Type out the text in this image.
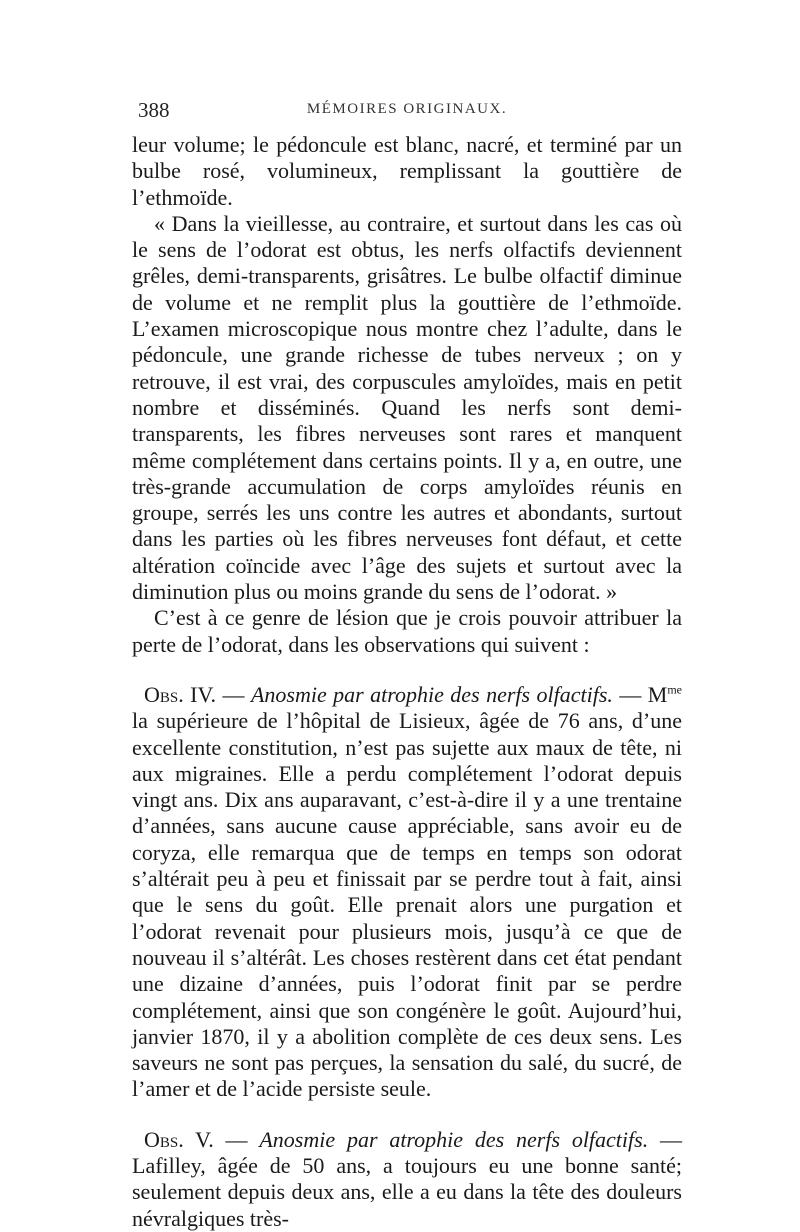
388	MÉMOIRES ORIGINAUX.

leur volume; le pédoncule est blanc, nacré, et terminé par un bulbe rosé, volumineux, remplissant la gouttière de l’ethmoïde.

« Dans la vieillesse, au contraire, et surtout dans les cas où le sens de l’odorat est obtus, les nerfs olfactifs deviennent grêles, demi-transparents, grisâtres. Le bulbe olfactif diminue de volume et ne remplit plus la gouttière de l’ethmoïde. L’examen microscopique nous montre chez l’adulte, dans le pédoncule, une grande richesse de tubes nerveux ; on y retrouve, il est vrai, des corpuscules amyloïdes, mais en petit nombre et disséminés. Quand les nerfs sont demi-transparents, les fibres nerveuses sont rares et manquent même complétement dans certains points. Il y a, en outre, une très-grande accumulation de corps amyloïdes réunis en groupe, serrés les uns contre les autres et abondants, surtout dans les parties où les fibres nerveuses font défaut, et cette altération coïncide avec l’âge des sujets et surtout avec la diminution plus ou moins grande du sens de l’odorat. »

C’est à ce genre de lésion que je crois pouvoir attribuer la perte de l’odorat, dans les observations qui suivent :

Obs. IV. — Anosmie par atrophie des nerfs olfactifs. — $M^{me}$ la supérieure de l’hôpital de Lisieux, âgée de 76 ans, d’une excellente constitution, n’est pas sujette aux maux de tête, ni aux migraines. Elle a perdu complétement l’odorat depuis vingt ans. Dix ans auparavant, c’est-à-dire il y a une trentaine d’années, sans aucune cause appréciable, sans avoir eu de coryza, elle remarqua que de temps en temps son odorat s’altérait peu à peu et finissait par se perdre tout à fait, ainsi que le sens du goût. Elle prenait alors une purgation et l’odorat revenait pour plusieurs mois, jusqu’à ce que de nouveau il s’altérât. Les choses restèrent dans cet état pendant une dizaine d’années, puis l’odorat finit par se perdre complétement, ainsi que son congénère le goût. Aujourd’hui, janvier 1870, il y a abolition complète de ces deux sens. Les saveurs ne sont pas perçues, la sensation du salé, du sucré, de l’amer et de l’acide persiste seule.

Obs. V. — Anosmie par atrophie des nerfs olfactifs. — Lafilley, âgée de 50 ans, a toujours eu une bonne santé; seulement depuis deux ans, elle a eu dans la tête des douleurs névralgiques très-
